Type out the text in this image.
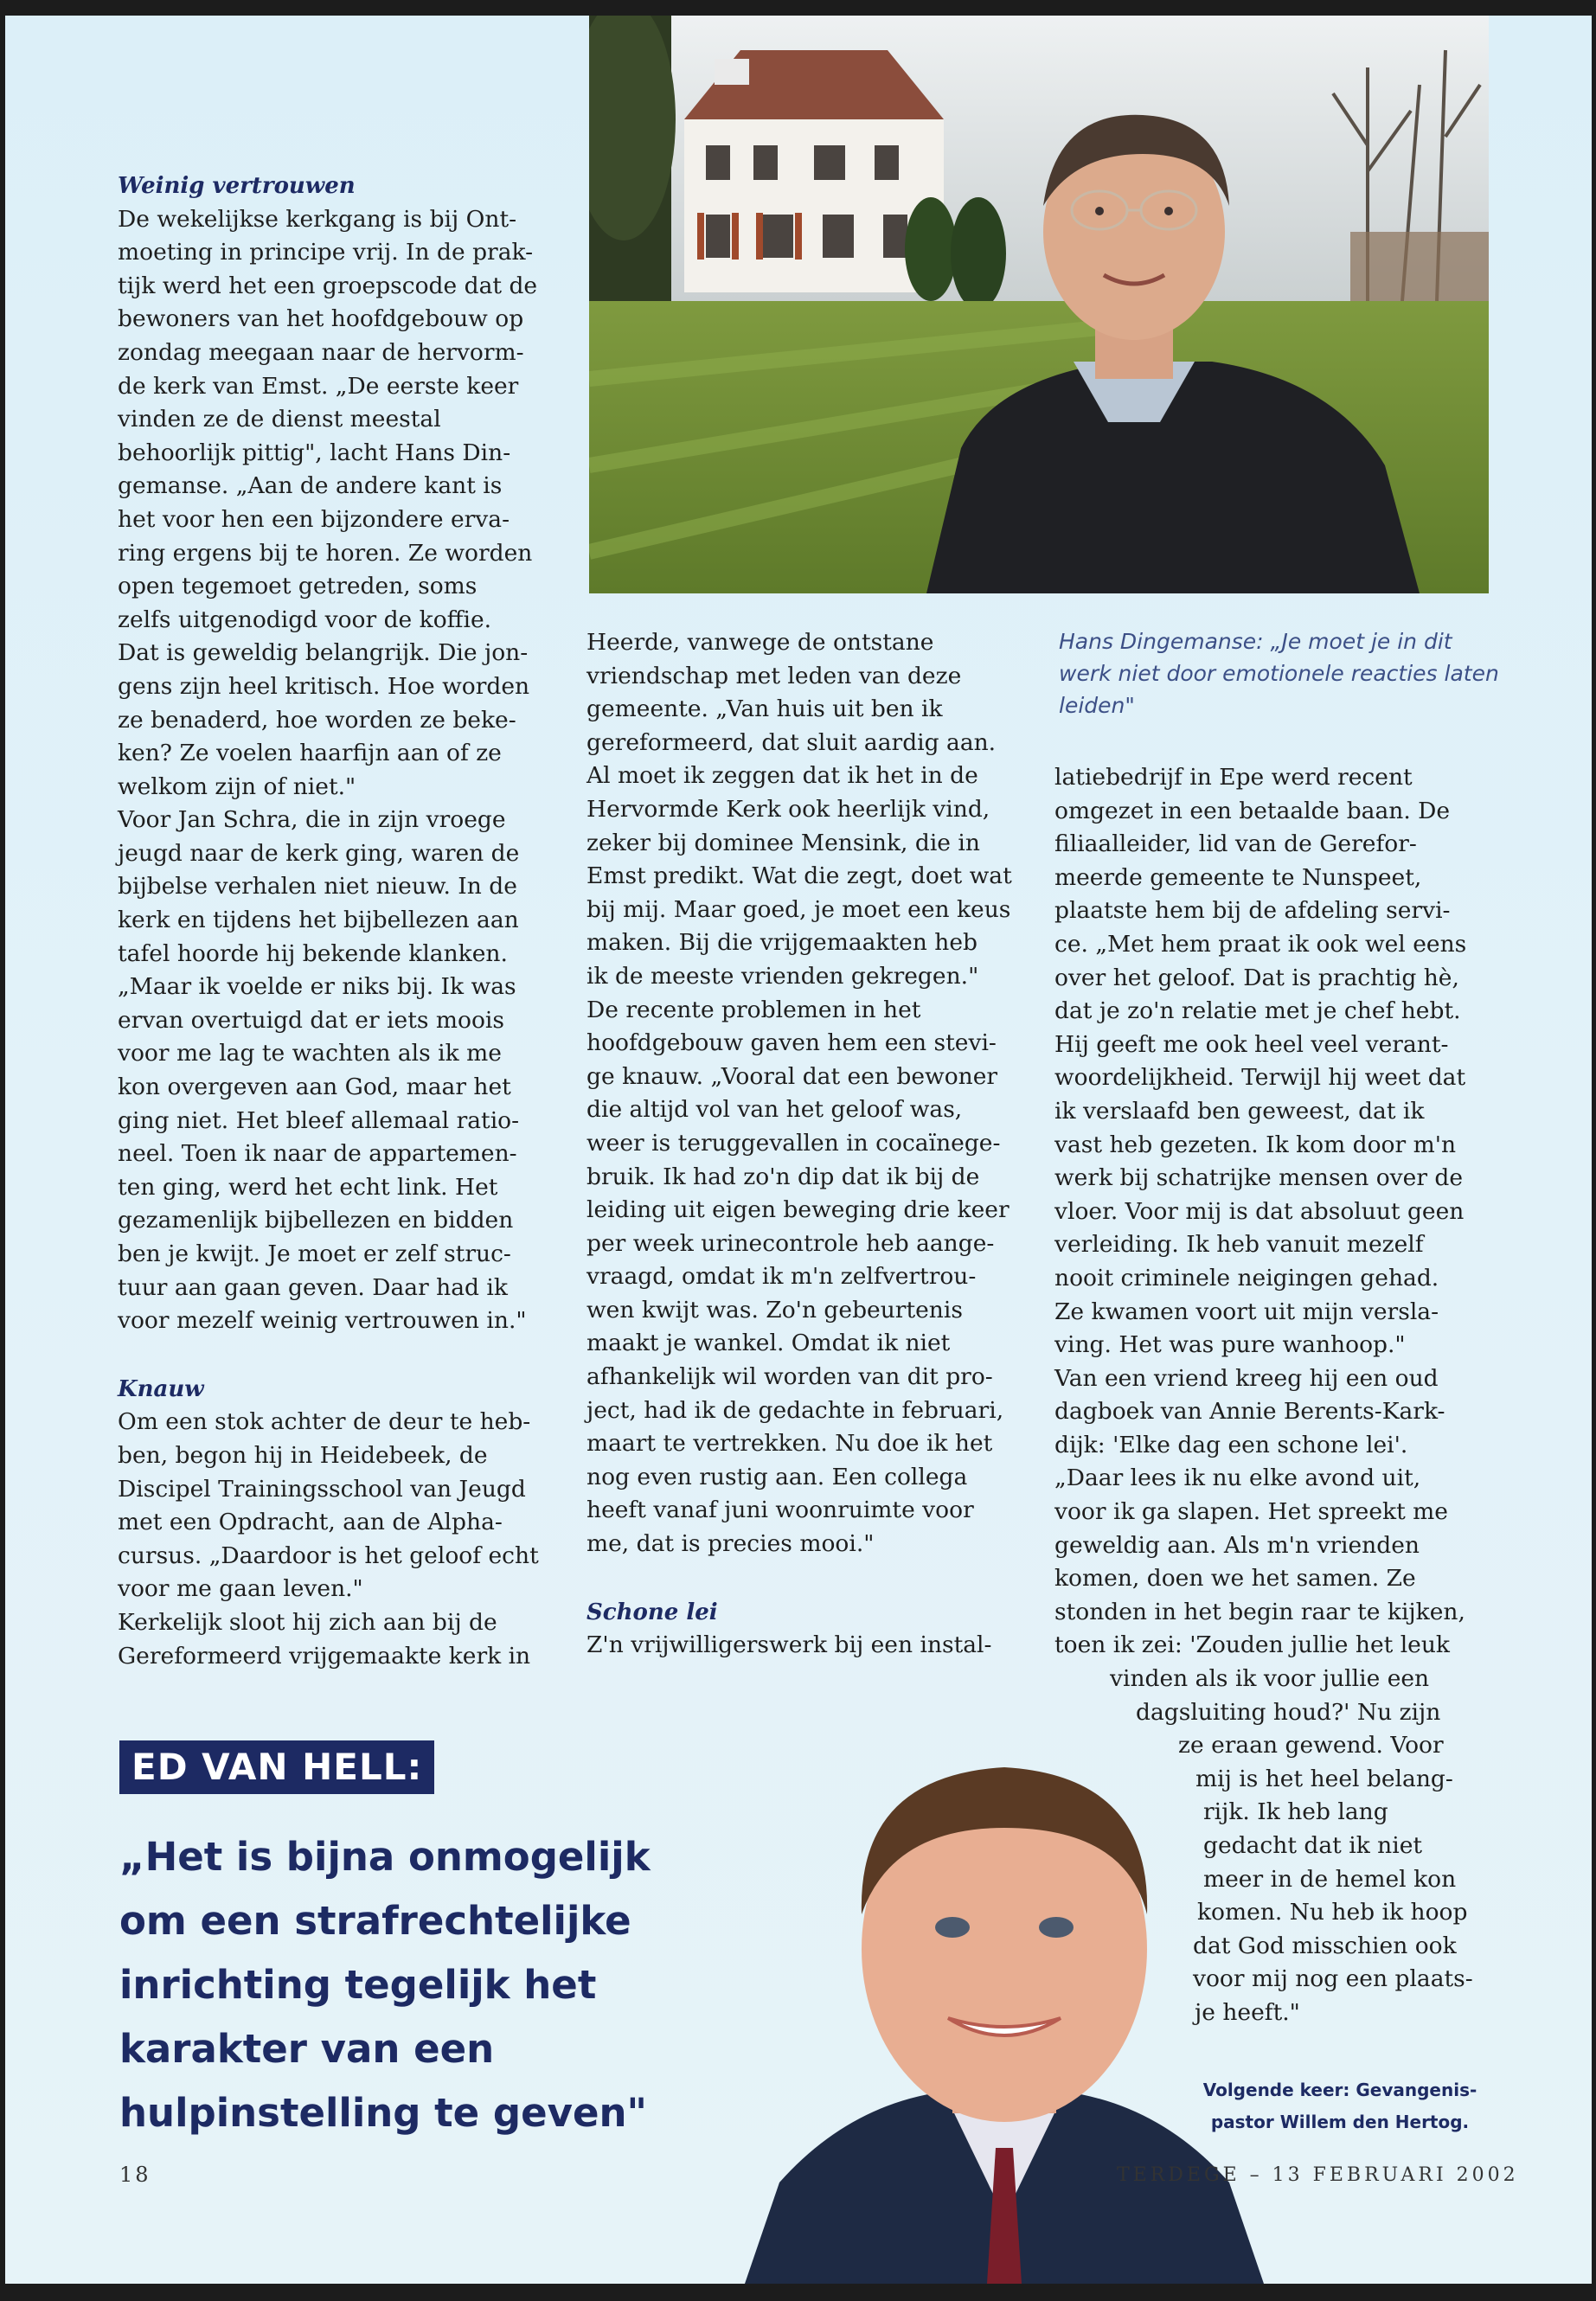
Weinig vertrouwen

De wekelijkse kerkgang is bij Ont-
moeting in principe vrij. In de prak-
tijk werd het een groepscode dat de
bewoners van het hoofdgebouw op
zondag meegaan naar de hervorm-
de kerk van Emst. „De eerste keer
vinden ze de dienst meestal
behoorlijk pittig", lacht Hans Din-
gemanse. „Aan de andere kant is
het voor hen een bijzondere erva-
ring ergens bij te horen. Ze worden
open tegemoet getreden, soms
zelfs uitgenodigd voor de koffie.
Dat is geweldig belangrijk. Die jon-
gens zijn heel kritisch. Hoe worden
ze benaderd, hoe worden ze beke-
ken? Ze voelen haarfijn aan of ze
welkom zijn of niet."

Voor Jan Schra, die in zijn vroege
jeugd naar de kerk ging, waren de
bijbelse verhalen niet nieuw. In de
kerk en tijdens het bijbellezen aan
tafel hoorde hij bekende klanken.
„Maar ik voelde er niks bij. Ik was
ervan overtuigd dat er iets moois
voor me lag te wachten als ik me
kon overgeven aan God, maar het
ging niet. Het bleef allemaal ratio-
neel. Toen ik naar de appartemen-
ten ging, werd het echt link. Het
gezamenlijk bijbellezen en bidden
ben je kwijt. Je moet er zelf struc-
tuur aan gaan geven. Daar had ik
voor mezelf weinig vertrouwen in."

Knauw

Om een stok achter de deur te heb-
ben, begon hij in Heidebeek, de
Discipel Trainingsschool van Jeugd
met een Opdracht, aan de Alpha-
cursus. „Daardoor is het geloof echt
voor me gaan leven."

Kerkelijk sloot hij zich aan bij de
Gereformeerd vrijgemaakte kerk in

Heerde, vanwege de ontstane
vriendschap met leden van deze
gemeente. „Van huis uit ben ik
gereformeerd, dat sluit aardig aan.
Al moet ik zeggen dat ik het in de
Hervormde Kerk ook heerlijk vind,
zeker bij dominee Mensink, die in
Emst predikt. Wat die zegt, doet wat
bij mij. Maar goed, je moet een keus
maken. Bij die vrijgemaakten heb
ik de meeste vrienden gekregen."

De recente problemen in het
hoofdgebouw gaven hem een stevi-
ge knauw. „Vooral dat een bewoner
die altijd vol van het geloof was,
weer is teruggevallen in cocaïnege-
bruik. Ik had zo'n dip dat ik bij de
leiding uit eigen beweging drie keer
per week urinecontrole heb aange-
vraagd, omdat ik m'n zelfvertrou-
wen kwijt was. Zo'n gebeurtenis
maakt je wankel. Omdat ik niet
afhankelijk wil worden van dit pro-
ject, had ik de gedachte in februari,
maart te vertrekken. Nu doe ik het
nog even rustig aan. Een collega
heeft vanaf juni woonruimte voor
me, dat is precies mooi."

Schone lei

Z'n vrijwilligerswerk bij een instal-

Hans Dingemanse: „Je moet je in dit werk niet door emotionele reacties laten leiden"

latiebedrijf in Epe werd recent
omgezet in een betaalde baan. De
filiaalleider, lid van de Gerefor-
meerde gemeente te Nunspeet,
plaatste hem bij de afdeling servi-
ce. „Met hem praat ik ook wel eens
over het geloof. Dat is prachtig hè,
dat je zo'n relatie met je chef hebt.
Hij geeft me ook heel veel verant-
woordelijkheid. Terwijl hij weet dat
ik verslaafd ben geweest, dat ik
vast heb gezeten. Ik kom door m'n
werk bij schatrijke mensen over de
vloer. Voor mij is dat absoluut geen
verleiding. Ik heb vanuit mezelf
nooit criminele neigingen gehad.
Ze kwamen voort uit mijn versla-
ving. Het was pure wanhoop."

Van een vriend kreeg hij een oud
dagboek van Annie Berents-Kark-
dijk: 'Elke dag een schone lei'.
„Daar lees ik nu elke avond uit,
voor ik ga slapen. Het spreekt me
geweldig aan. Als m'n vrienden
komen, doen we het samen. Ze
stonden in het begin raar te kijken,
toen ik zei: 'Zouden jullie het leuk

vinden als ik voor jullie een
dagsluiting houd?' Nu zijn
ze eraan gewend. Voor
mij is het heel belang-
rijk. Ik heb lang
gedacht dat ik niet
meer in de hemel kon
komen. Nu heb ik hoop
dat God misschien ook
voor mij nog een plaats-
je heeft."
ED VAN HELL:
„Het is bijna onmogelijk
om een strafrechtelijke
inrichting tegelijk het
karakter van een
hulpinstelling te geven"	Volgende keer: Gevangenis-
pastor Willem den Hertog.
18	TERDEGE – 13 FEBRUARI 2002
